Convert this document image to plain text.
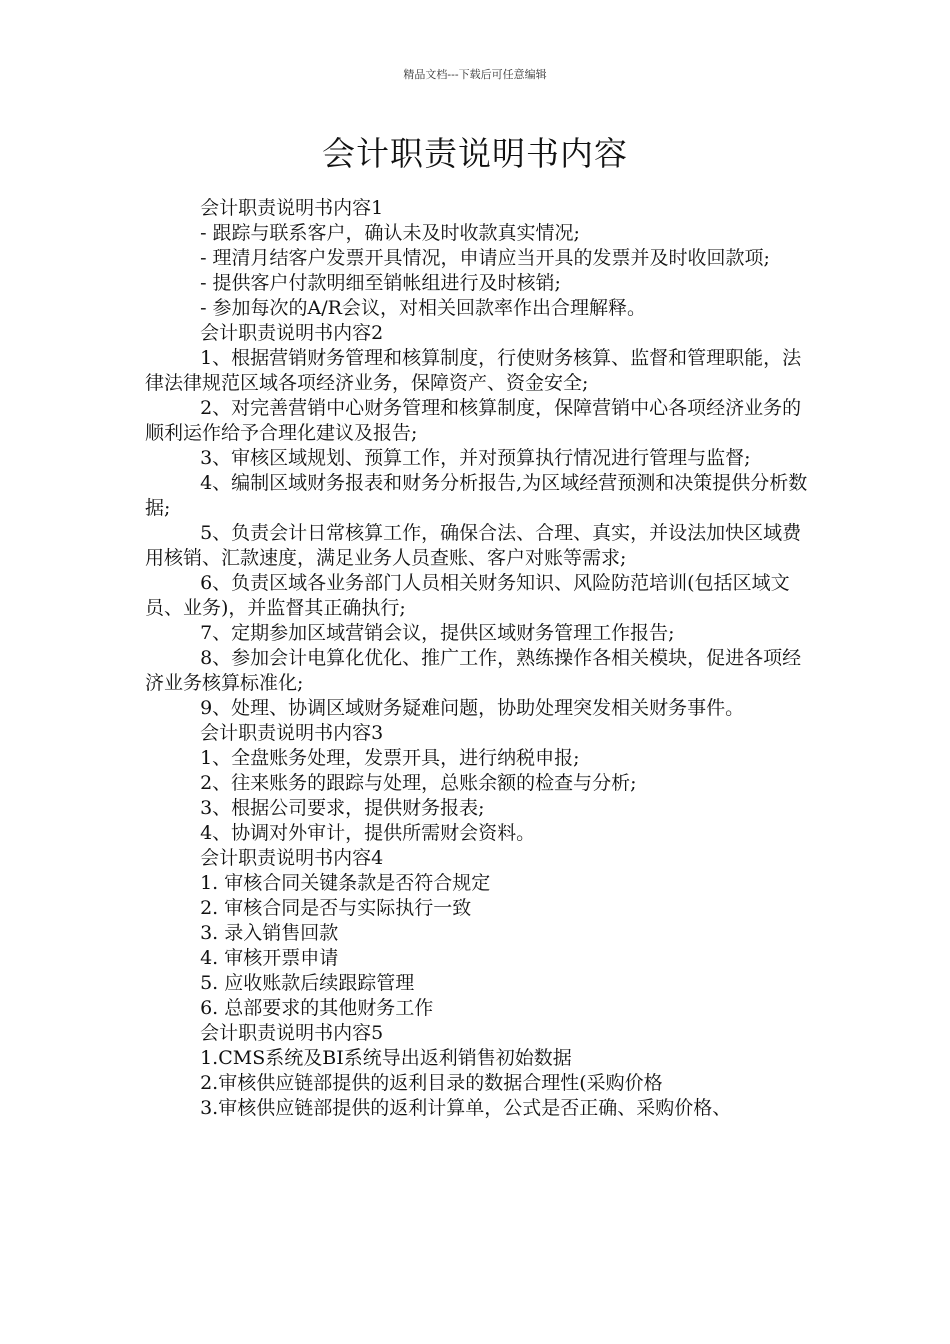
精品文档---下载后可任意编辑
会计职责说明书内容

会计职责说明书内容1

- 跟踪与联系客户，确认未及时收款真实情况;

- 理清月结客户发票开具情况，申请应当开具的发票并及时收回款项;

- 提供客户付款明细至销帐组进行及时核销;

- 参加每次的A/R会议，对相关回款率作出合理解释。

会计职责说明书内容2

1、根据营销财务管理和核算制度，行使财务核算、监督和管理职能，法律法律规范区域各项经济业务，保障资产、资金安全;

2、对完善营销中心财务管理和核算制度，保障营销中心各项经济业务的顺利运作给予合理化建议及报告;

3、审核区域规划、预算工作，并对预算执行情况进行管理与监督;

4、编制区域财务报表和财务分析报告,为区域经营预测和决策提供分析数据;

5、负责会计日常核算工作，确保合法、合理、真实，并设法加快区域费用核销、汇款速度，满足业务人员查账、客户对账等需求;

6、负责区域各业务部门人员相关财务知识、风险防范培训(包括区域文员、业务)，并监督其正确执行;

7、定期参加区域营销会议，提供区域财务管理工作报告;

8、参加会计电算化优化、推广工作，熟练操作各相关模块，促进各项经济业务核算标准化;

9、处理、协调区域财务疑难问题，协助处理突发相关财务事件。

会计职责说明书内容3

1、全盘账务处理，发票开具，进行纳税申报;

2、往来账务的跟踪与处理，总账余额的检查与分析;

3、根据公司要求，提供财务报表;

4、协调对外审计，提供所需财会资料。

会计职责说明书内容4

1. 审核合同关键条款是否符合规定

2. 审核合同是否与实际执行一致

3. 录入销售回款

4. 审核开票申请

5. 应收账款后续跟踪管理

6. 总部要求的其他财务工作

会计职责说明书内容5

1.CMS系统及BI系统导出返利销售初始数据

2.审核供应链部提供的返利目录的数据合理性(采购价格

3.审核供应链部提供的返利计算单，公式是否正确、采购价格、
